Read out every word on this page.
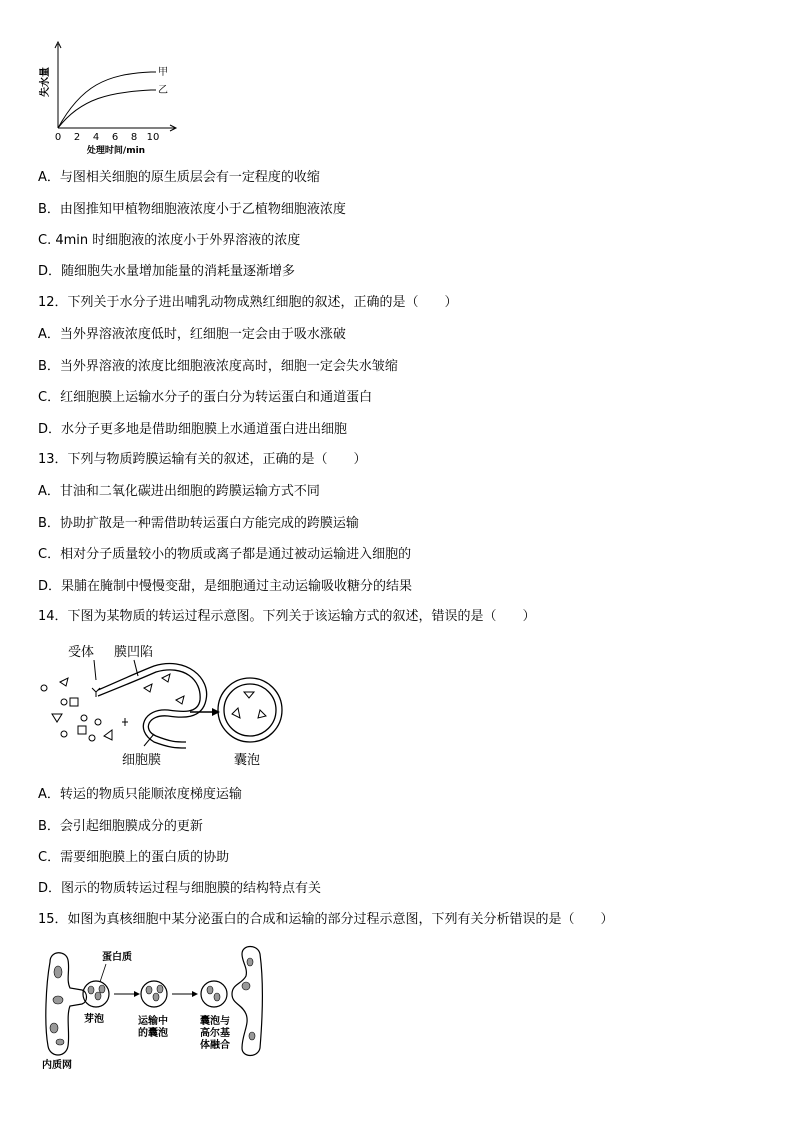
甲
乙
失水量
0 2 4 6 8 10
处理时间/min
A．与图相关细胞的原生质层会有一定程度的收缩
B．由图推知甲植物细胞液浓度小于乙植物细胞液浓度
C. 4min 时细胞液的浓度小于外界溶液的浓度
D．随细胞失水量增加能量的消耗量逐渐增多
12．下列关于水分子进出哺乳动物成熟红细胞的叙述，正确的是（　　）
A．当外界溶液浓度低时，红细胞一定会由于吸水涨破
B．当外界溶液的浓度比细胞液浓度高时，细胞一定会失水皱缩
C．红细胞膜上运输水分子的蛋白分为转运蛋白和通道蛋白
D．水分子更多地是借助细胞膜上水通道蛋白进出细胞
13．下列与物质跨膜运输有关的叙述，正确的是（　　）
A．甘油和二氧化碳进出细胞的跨膜运输方式不同
B．协助扩散是一种需借助转运蛋白方能完成的跨膜运输
C．相对分子质量较小的物质或离子都是通过被动运输进入细胞的
D．果脯在腌制中慢慢变甜，是细胞通过主动运输吸收糖分的结果
14．下图为某物质的转运过程示意图。下列关于该运输方式的叙述，错误的是（　　）
受体 膜凹陷
细胞膜	囊泡
A．转运的物质只能顺浓度梯度运输
B．会引起细胞膜成分的更新
C．需要细胞膜上的蛋白质的协助
D．图示的物质转运过程与细胞膜的结构特点有关
15．如图为真核细胞中某分泌蛋白的合成和运输的部分过程示意图，下列有关分析错误的是（　　）
蛋白质
芽泡	运输中
的囊泡
囊泡与
高尔基
体融合
内质网
